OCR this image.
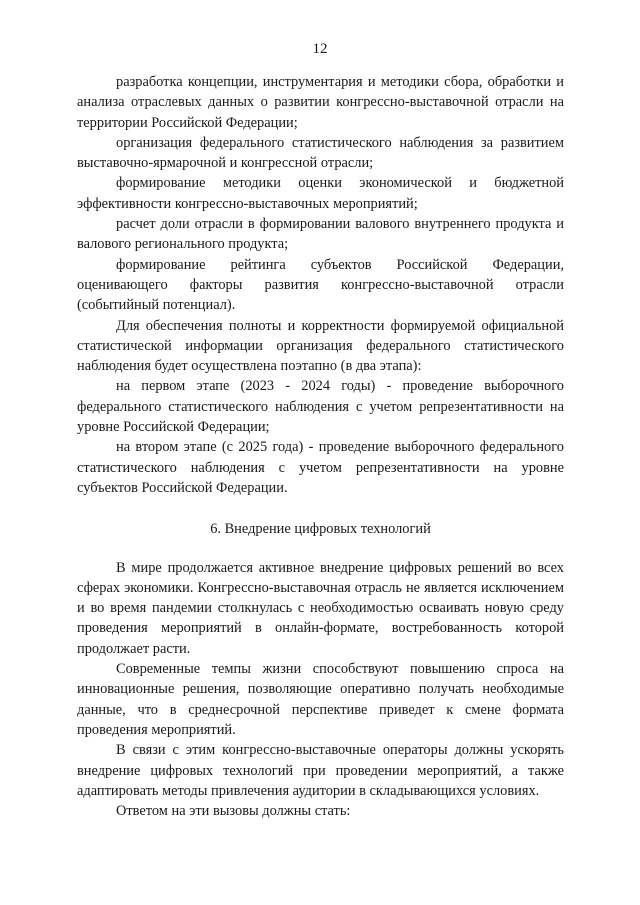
12

разработка концепции, инструментария и методики сбора, обработки и анализа отраслевых данных о развитии конгрессно-выставочной отрасли на территории Российской Федерации;

организация федерального статистического наблюдения за развитием выставочно-ярмарочной и конгрессной отрасли;

формирование методики оценки экономической и бюджетной эффективности конгрессно-выставочных мероприятий;

расчет доли отрасли в формировании валового внутреннего продукта и валового регионального продукта;

формирование рейтинга субъектов Российской Федерации, оценивающего факторы развития конгрессно-выставочной отрасли (событийный потенциал).

Для обеспечения полноты и корректности формируемой официальной статистической информации организация федерального статистического наблюдения будет осуществлена поэтапно (в два этапа):

на первом этапе (2023 - 2024 годы) - проведение выборочного федерального статистического наблюдения с учетом репрезентативности на уровне Российской Федерации;

на втором этапе (с 2025 года) - проведение выборочного федерального статистического наблюдения с учетом репрезентативности на уровне субъектов Российской Федерации.

6. Внедрение цифровых технологий

В мире продолжается активное внедрение цифровых решений во всех сферах экономики. Конгрессно-выставочная отрасль не является исключением и во время пандемии столкнулась с необходимостью осваивать новую среду проведения мероприятий в онлайн-формате, востребованность которой продолжает расти.

Современные темпы жизни способствуют повышению спроса на инновационные решения, позволяющие оперативно получать необходимые данные, что в среднесрочной перспективе приведет к смене формата проведения мероприятий.

В связи с этим конгрессно-выставочные операторы должны ускорять внедрение цифровых технологий при проведении мероприятий, а также адаптировать методы привлечения аудитории в складывающихся условиях.

Ответом на эти вызовы должны стать:
